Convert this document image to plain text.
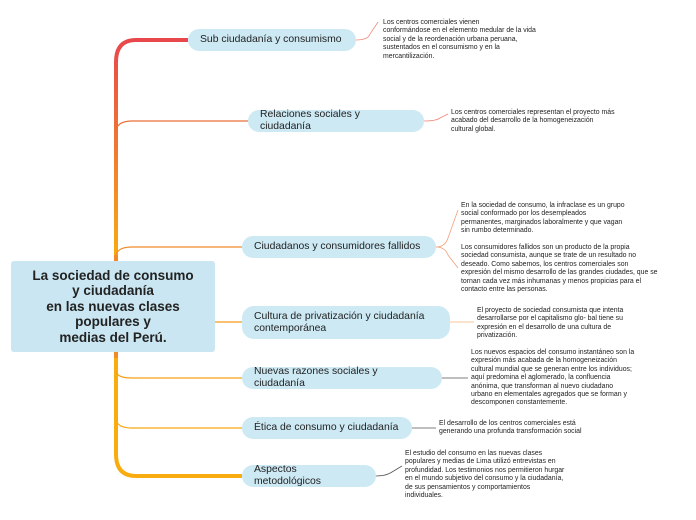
La sociedad de consumo
y ciudadanía
en las nuevas clases
populares y
medias del Perú.
Sub ciudadanía y consumismo
Los centros comerciales vienen
conformándose en el elemento medular de la vida
social y de la reordenación urbana peruana,
sustentados en el consumismo y en la
mercantilización.
Relaciones sociales y ciudadanía
Los centros comerciales representan el proyecto más
acabado del desarrollo de la homogeneización
cultural global.
Ciudadanos y consumidores fallidos
En la sociedad de consumo, la infraclase es un grupo
social conformado por los desempleados
permanentes, marginados laboralmente y que vagan
sin rumbo determinado.
Los consumidores fallidos son un producto de la propia
sociedad consumista, aunque se trate de un resultado no
deseado. Como sabemos, los centros comerciales son
expresión del mismo desarrollo de las grandes ciudades, que se
tornan cada vez más inhumanas y menos propicias para el
contacto entre las personas.
Cultura de privatización y ciudadanía
contemporánea
El proyecto de sociedad consumista que intenta
desarrollarse por el capitalismo glo- bal tiene su
expresión en el desarrollo de una cultura de
privatización.
Nuevas razones sociales y ciudadanía
Los nuevos espacios del consumo instantáneo son la
expresión más acabada de la homogeneización
cultural mundial que se generan entre los individuos;
aquí predomina el aglomerado, la confluencia
anónima, que transforman al nuevo ciudadano
urbano en elementales agregados que se forman y
descomponen constantemente.
Ética de consumo y ciudadanía	El desarrollo de los centros comerciales está
generando una profunda transformación social
Aspectos metodológicos
El estudio del consumo en las nuevas clases
populares y medias de Lima utilizó entrevistas en
profundidad. Los testimonios nos permitieron hurgar
en el mundo subjetivo del consumo y la ciudadanía,
de sus pensamientos y comportamientos
individuales.
